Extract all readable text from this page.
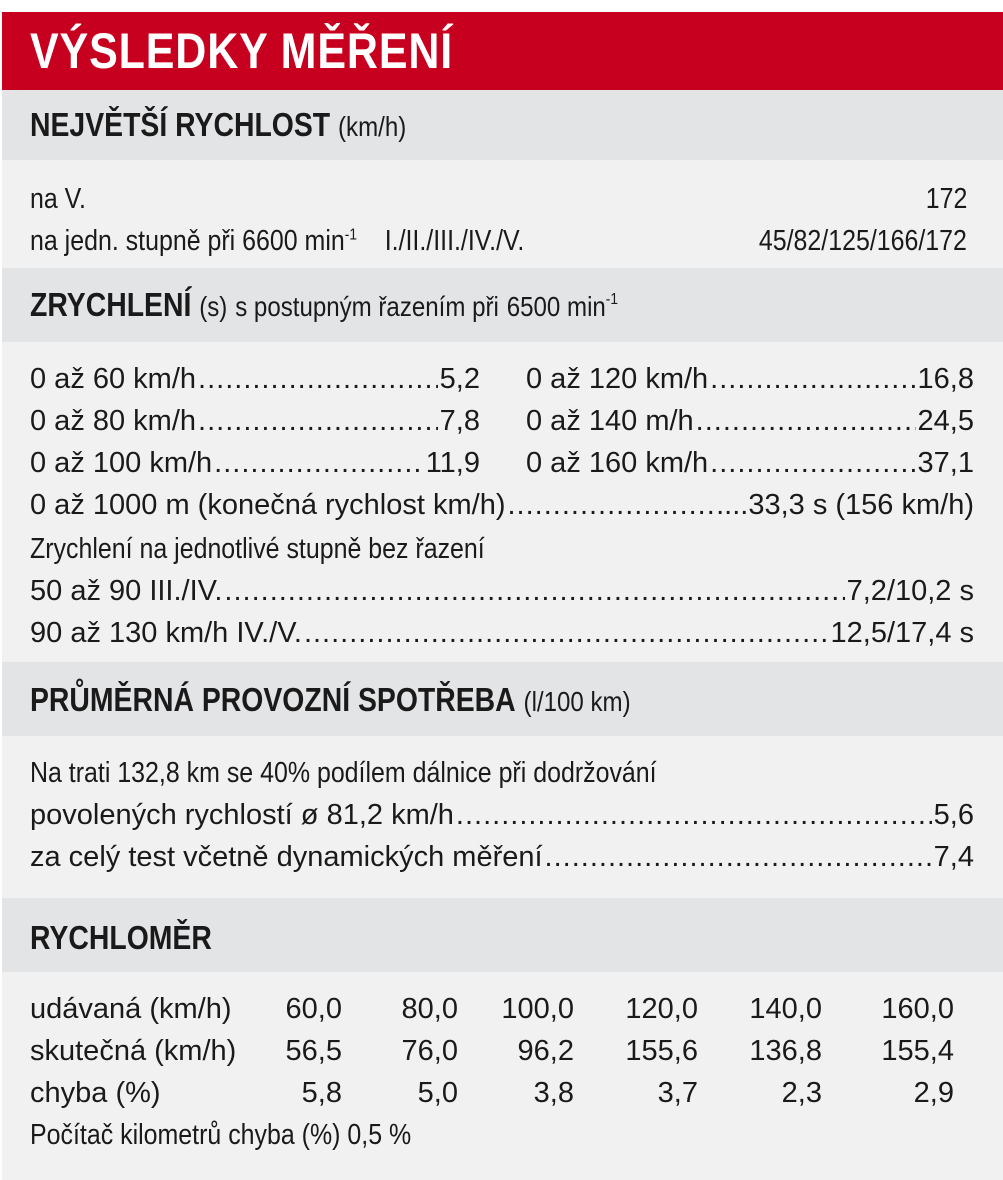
VÝSLEDKY MĚŘENÍ
NEJVĚTŠÍ RYCHLOST (km/h)
na V.	172
na jedn. stupně při 6600 $\min^{-1} I./II./III./IV./V$.	45/82/125/166/172
ZRYCHLENÍ (s) s postupným řazením při 6500 $\min^{-1}$
0 až 60 km/h .....	5,2
0 až 80 km/h .....	7,8
0 až 100 km/h .....	11,9
0 až 120 km/h .....	16,8
0 až 140 m/h .....	24,5
0 až 160 km/h .....	37,1
0 až 1000 m (konečná rychlost km/h) .....	....33,3 s (156 km/h)
Zrychlení na jednotlivé stupně bez řazení
50 až 90 III./IV. .....	7,2/10,2 s
90 až 130 km/h IV./V. .....	12,5/17,4 s
PRŮMĚRNÁ PROVOZNÍ SPOTŘEBA (l/100 km)
Na trati 132,8 km se 40% podílem dálnice při dodržování
povolených rychlostí ø 81,2 km/h .....	5,6
za celý test včetně dynamických měření .....	7,4
RYCHLOMĚR
udávaná (km/h) 60,0 80,0 100,0 120,0 140,0 160,0
skutečná (km/h) 56,5 76,0 96,2 155,6 136,8 155,4
chyba (%)	5,8	5,0	3,8	3,7	2,3	2,9
Počítač kilometrů chyba (%) 0,5 %
